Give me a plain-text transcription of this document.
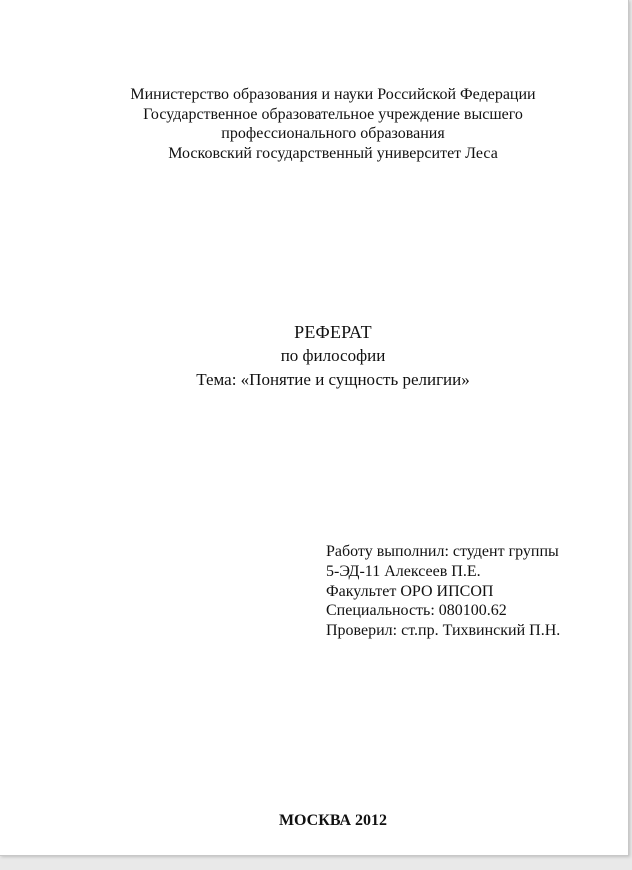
Министерство образования и науки Российской Федерации
Государственное образовательное учреждение высшего
профессионального образования
Московский государственный университет Леса
РЕФЕРАТ
по философии
Тема: «Понятие и сущность религии»
Работу выполнил: студент группы
5-ЭД-11 Алексеев П.Е.
Факультет ОРО ИПСОП
Специальность: 080100.62
Проверил: ст.пр. Тихвинский П.Н.
МОСКВА 2012
